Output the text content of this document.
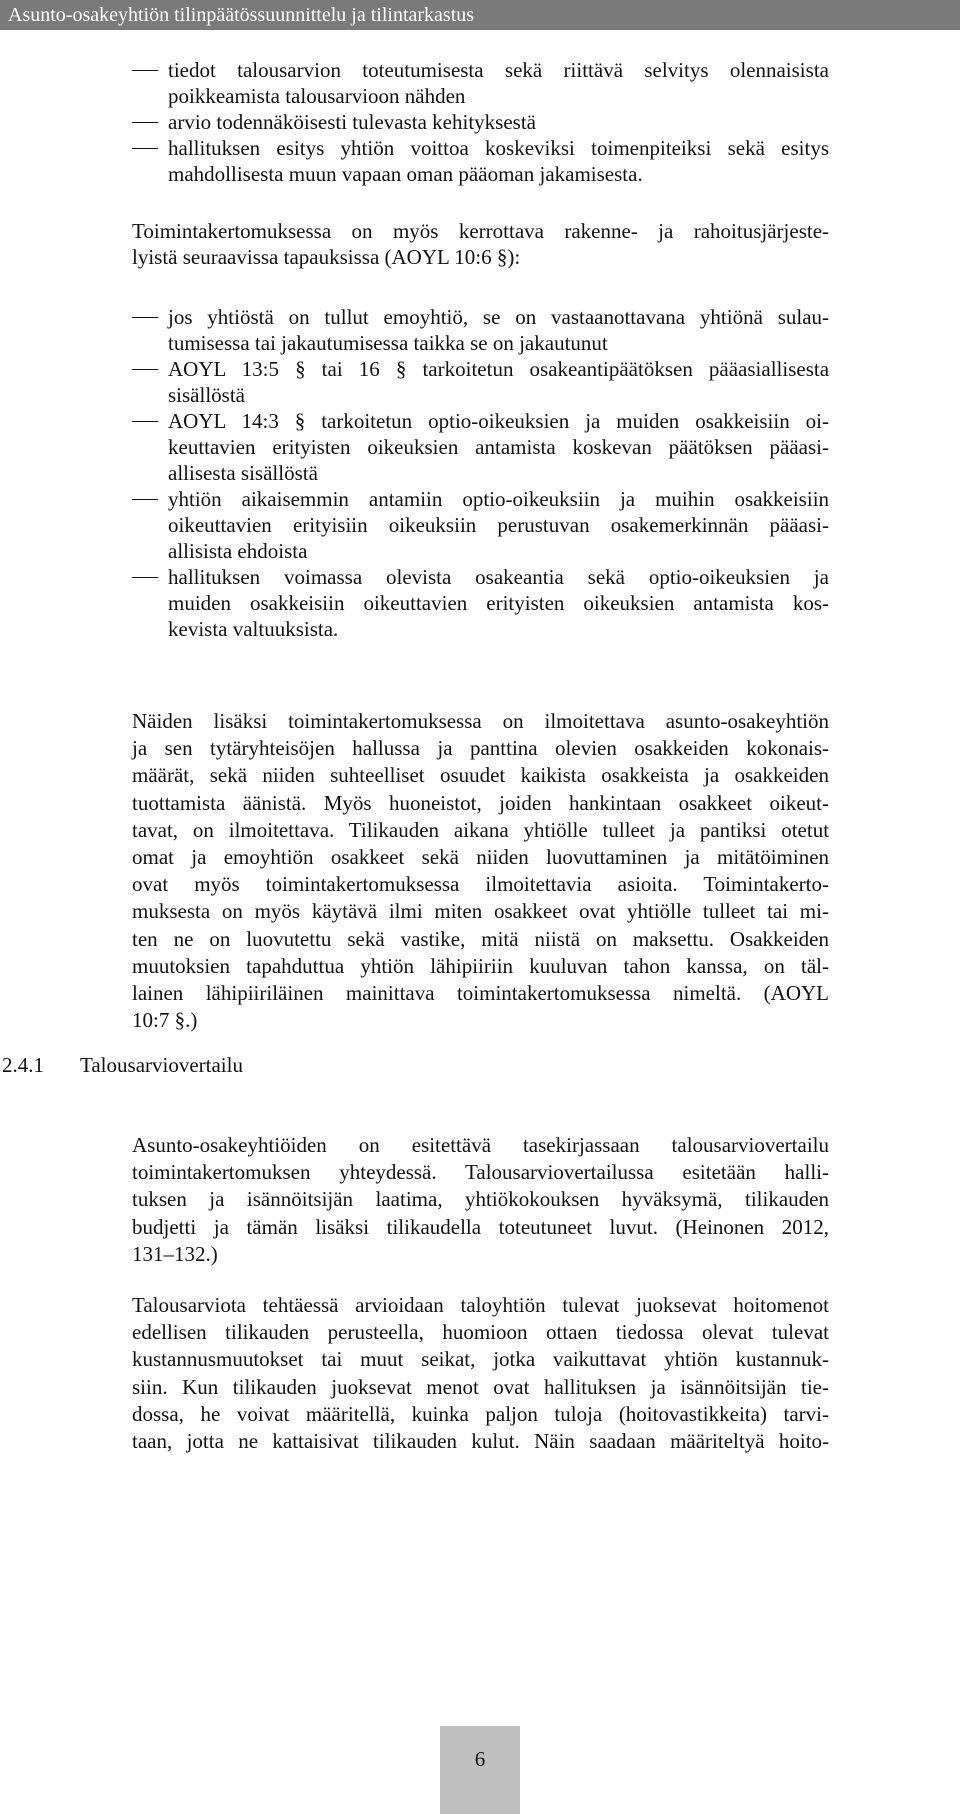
Asunto-osakeyhtiön tilinpäätössuunnittelu ja tilintarkastus
tiedot talousarvion toteutumisesta sekä riittävä selvitys olennaisista
poikkeamista talousarvioon nähden
arvio todennäköisesti tulevasta kehityksestä
hallituksen esitys yhtiön voittoa koskeviksi toimenpiteiksi sekä esitys
mahdollisesta muun vapaan oman pääoman jakamisesta.
Toimintakertomuksessa on myös kerrottava rakenne- ja rahoitusjärjeste-
lyistä seuraavissa tapauksissa (AOYL 10:6 §):
jos yhtiöstä on tullut emoyhtiö, se on vastaanottavana yhtiönä sulau-
tumisessa tai jakautumisessa taikka se on jakautunut
AOYL 13:5 § tai 16 § tarkoitetun osakeantipäätöksen pääasiallisesta
sisällöstä
AOYL 14:3 § tarkoitetun optio-oikeuksien ja muiden osakkeisiin oi-
keuttavien erityisten oikeuksien antamista koskevan päätöksen pääasi-
allisesta sisällöstä
yhtiön aikaisemmin antamiin optio-oikeuksiin ja muihin osakkeisiin
oikeuttavien erityisiin oikeuksiin perustuvan osakemerkinnän pääasi-
allisista ehdoista
hallituksen voimassa olevista osakeantia sekä optio-oikeuksien ja
muiden osakkeisiin oikeuttavien erityisten oikeuksien antamista kos-
kevista valtuuksista.
Näiden lisäksi toimintakertomuksessa on ilmoitettava asunto-osakeyhtiön
ja sen tytäryhteisöjen hallussa ja panttina olevien osakkeiden kokonais-
määrät, sekä niiden suhteelliset osuudet kaikista osakkeista ja osakkeiden
tuottamista äänistä. Myös huoneistot, joiden hankintaan osakkeet oikeut-
tavat, on ilmoitettava. Tilikauden aikana yhtiölle tulleet ja pantiksi otetut
omat ja emoyhtiön osakkeet sekä niiden luovuttaminen ja mitätöiminen
ovat myös toimintakertomuksessa ilmoitettavia asioita. Toimintakerto-
muksesta on myös käytävä ilmi miten osakkeet ovat yhtiölle tulleet tai mi-
ten ne on luovutettu sekä vastike, mitä niistä on maksettu. Osakkeiden
muutoksien tapahduttua yhtiön lähipiiriin kuuluvan tahon kanssa, on täl-
lainen lähipiiriläinen mainittava toimintakertomuksessa nimeltä. (AOYL
10:7 §.)
2.4.1 Talousarviovertailu
Asunto-osakeyhtiöiden on esitettävä tasekirjassaan talousarviovertailu
toimintakertomuksen yhteydessä. Talousarviovertailussa esitetään halli-
tuksen ja isännöitsijän laatima, yhtiökokouksen hyväksymä, tilikauden
budjetti ja tämän lisäksi tilikaudella toteutuneet luvut. (Heinonen 2012,
131–132.)
Talousarviota tehtäessä arvioidaan taloyhtiön tulevat juoksevat hoitomenot
edellisen tilikauden perusteella, huomioon ottaen tiedossa olevat tulevat
kustannusmuutokset tai muut seikat, jotka vaikuttavat yhtiön kustannuk-
siin. Kun tilikauden juoksevat menot ovat hallituksen ja isännöitsijän tie-
dossa, he voivat määritellä, kuinka paljon tuloja (hoitovastikkeita) tarvi-
taan, jotta ne kattaisivat tilikauden kulut. Näin saadaan määriteltyä hoito-
6
